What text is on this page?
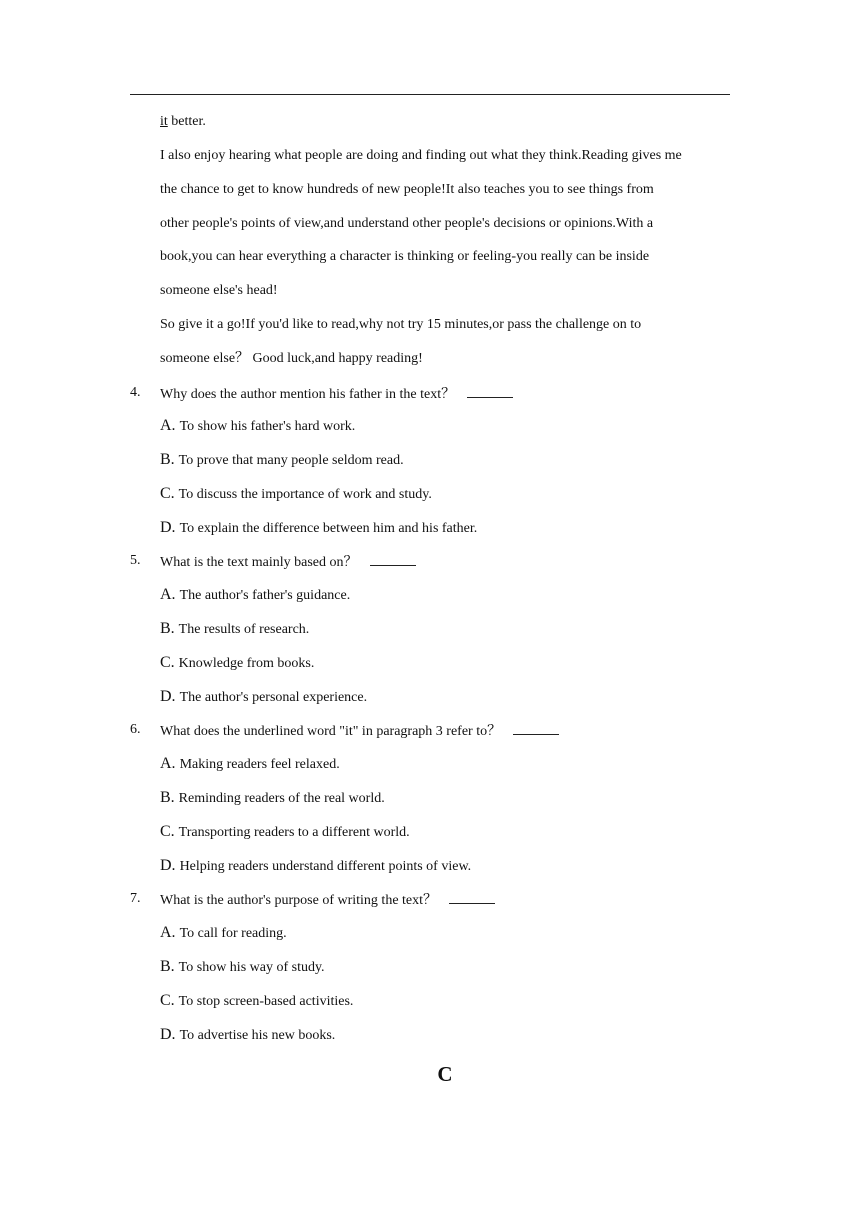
it better.
I also enjoy hearing what people are doing and finding out what they think.Reading gives me
the chance to get to know hundreds of new people!It also teaches you to see things from
other people's points of view,and understand other people's decisions or opinions.With a
book,you can hear everything a character is thinking or feeling-you really can be inside
someone else's head!
So give it a go!If you'd like to read,why not try 15 minutes,or pass the challenge on to
someone else？ Good luck,and happy reading!
4. Why does the author mention his father in the text？
A. To show his father's hard work.
B. To prove that many people seldom read.
C. To discuss the importance of work and study.
D. To explain the difference between him and his father.
5. What is the text mainly based on？
A. The author's father's guidance.
B. The results of research.
C. Knowledge from books.
D. The author's personal experience.
6. What does the underlined word "it" in paragraph 3 refer to？
A. Making readers feel relaxed.
B. Reminding readers of the real world.
C. Transporting readers to a different world.
D. Helping readers understand different points of view.
7. What is the author's purpose of writing the text？
A. To call for reading.
B. To show his way of study.
C. To stop screen-based activities.
D. To advertise his new books.
C
